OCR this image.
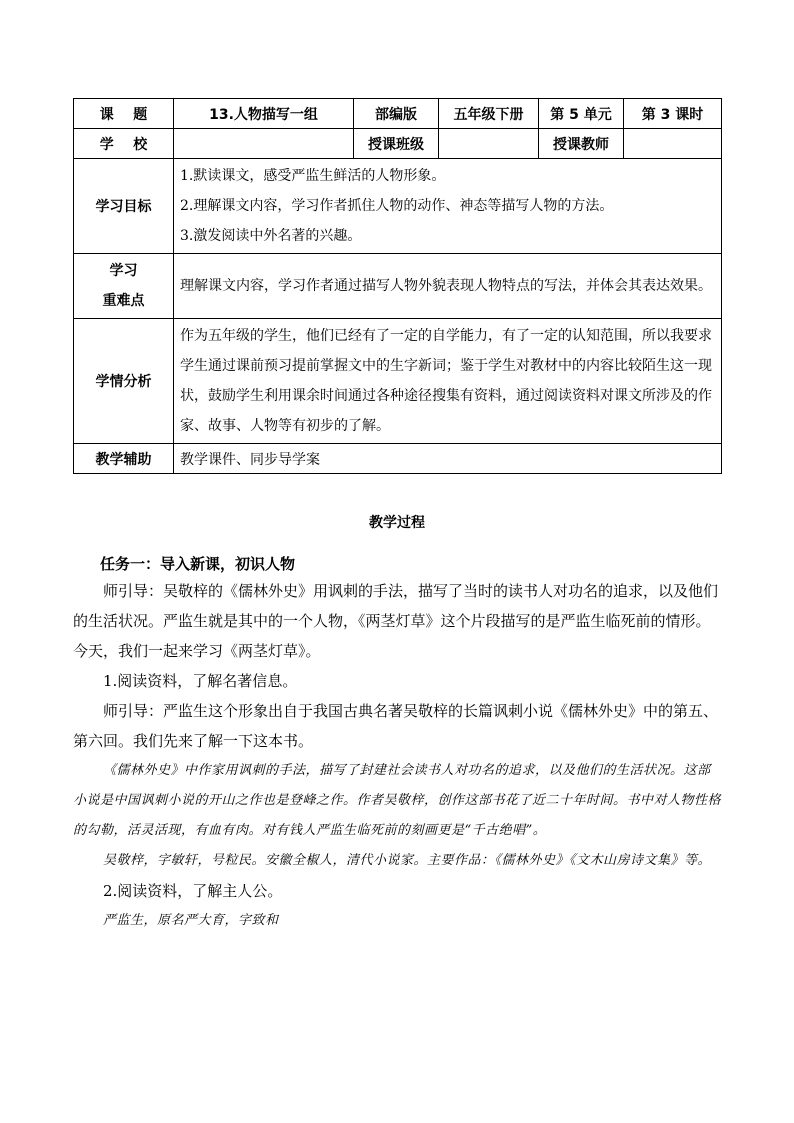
课    题	13.人物描写一组	部编版	五年级下册	第 5 单元	第 3 课时
学    校		授课班级		授课教师	
学习目标	1.默读课文，感受严监生鲜活的人物形象。
2.理解课文内容，学习作者抓住人物的动作、神态等描写人物的方法。
3.激发阅读中外名著的兴趣。				

学习
重难点	理解课文内容，学习作者通过描写人物外貌表现人物特点的写法，并体会其表达效果。				
学情分析	作为五年级的学生，他们已经有了一定的自学能力，有了一定的认知范围，所以我要求学生通过课前预习提前掌握文中的生字新词；鉴于学生对教材中的内容比较陌生这一现状，鼓励学生利用课余时间通过各种途径搜集有资料，通过阅读资料对课文所涉及的作家、故事、人物等有初步的了解。				
教学辅助	教学课件、同步导学案				
教学过程
任务一：导入新课，初识人物

师引导：吴敬梓的《儒林外史》用讽刺的手法，描写了当时的读书人对功名的追求，以及他们的生活状况。严监生就是其中的一个人物，《两茎灯草》这个片段描写的是严监生临死前的情形。今天，我们一起来学习《两茎灯草》。

1.阅读资料，了解名著信息。

师引导：严监生这个形象出自于我国古典名著吴敬梓的长篇讽刺小说《儒林外史》中的第五、第六回。我们先来了解一下这本书。

《儒林外史》中作家用讽刺的手法，描写了封建社会读书人对功名的追求，以及他们的生活状况。这部小说是中国讽刺小说的开山之作也是登峰之作。作者吴敬梓，创作这部书花了近二十年时间。书中对人物性格的勾勒，活灵活现，有血有肉。对有钱人严监生临死前的刻画更是“千古绝唱”。

吴敬梓，字敏轩，号粒民。安徽全椒人，清代小说家。主要作品：《儒林外史》《文木山房诗文集》等。

2.阅读资料，了解主人公。

严监生，原名严大育，字致和
